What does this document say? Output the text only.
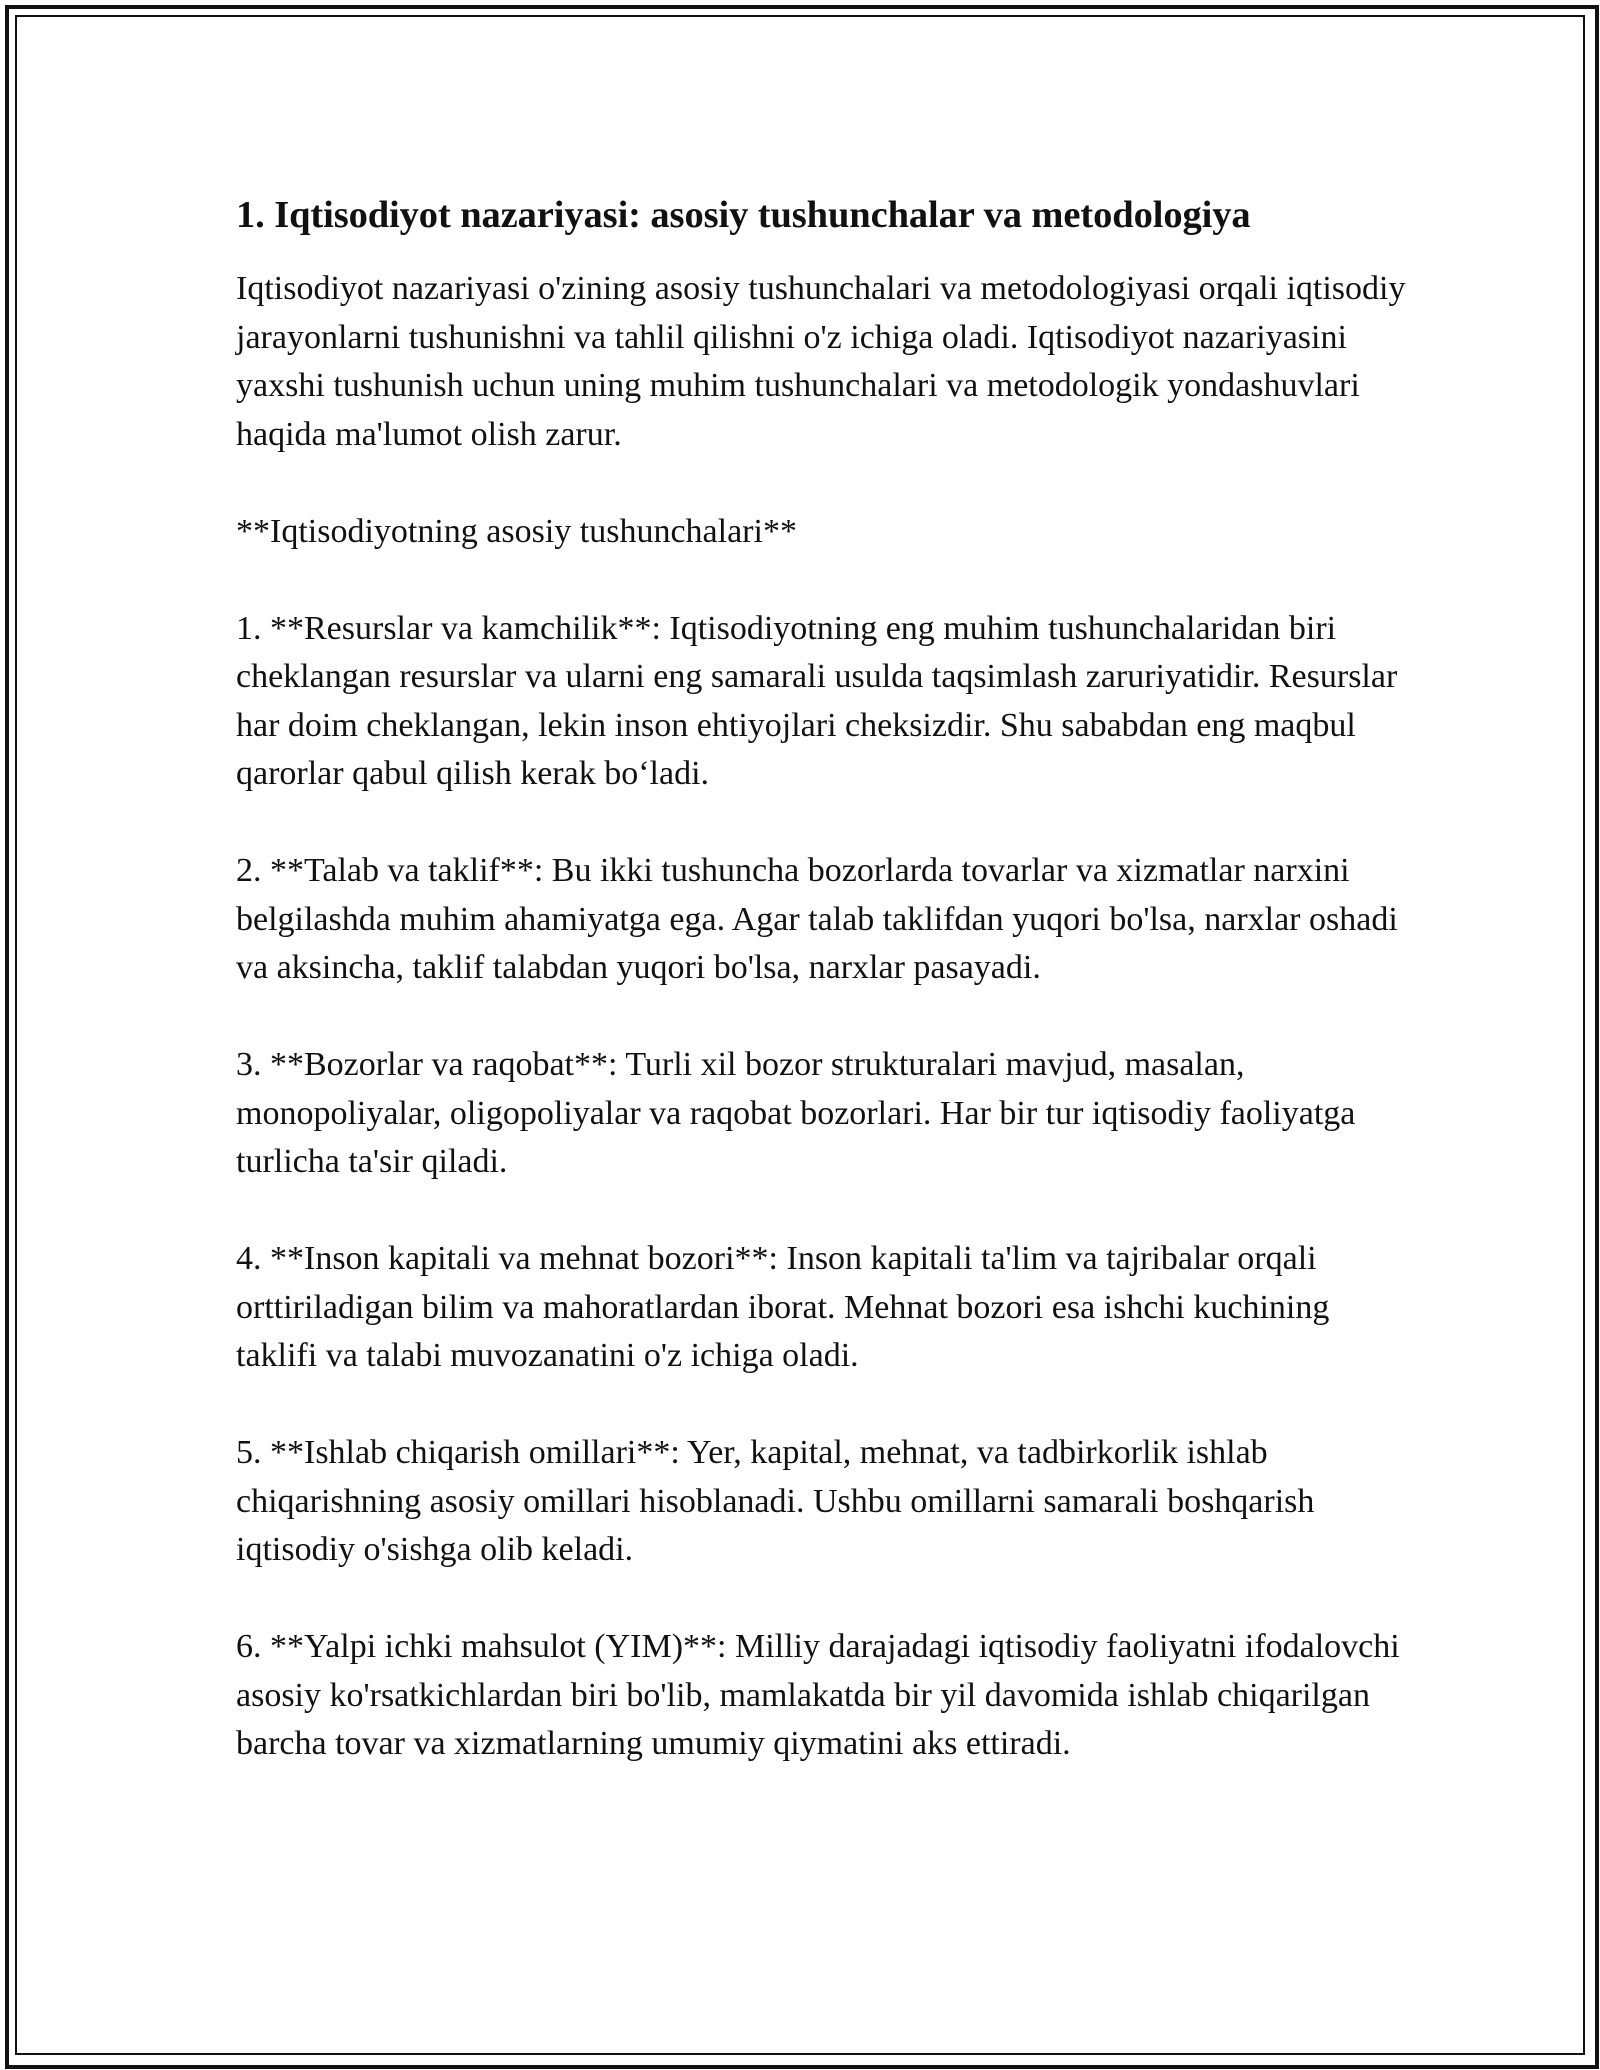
1. Iqtisodiyot nazariyasi: asosiy tushunchalar va metodologiya

Iqtisodiyot nazariyasi o'zining asosiy tushunchalari va metodologiyasi orqali iqtisodiy jarayonlarni tushunishni va tahlil qilishni o'z ichiga oladi. Iqtisodiyot nazariyasini yaxshi tushunish uchun uning muhim tushunchalari va metodologik yondashuvlari haqida ma'lumot olish zarur.

**Iqtisodiyotning asosiy tushunchalari**

1. **Resurslar va kamchilik**: Iqtisodiyotning eng muhim tushunchalaridan biri cheklangan resurslar va ularni eng samarali usulda taqsimlash zaruriyatidir. Resurslar har doim cheklangan, lekin inson ehtiyojlari cheksizdir. Shu sababdan eng maqbul qarorlar qabul qilish kerak boʻladi.

2. **Talab va taklif**: Bu ikki tushuncha bozorlarda tovarlar va xizmatlar narxini belgilashda muhim ahamiyatga ega. Agar talab taklifdan yuqori bo'lsa, narxlar oshadi va aksincha, taklif talabdan yuqori bo'lsa, narxlar pasayadi.

3. **Bozorlar va raqobat**: Turli xil bozor strukturalari mavjud, masalan, monopoliyalar, oligopoliyalar va raqobat bozorlari. Har bir tur iqtisodiy faoliyatga turlicha ta'sir qiladi.

4. **Inson kapitali va mehnat bozori**: Inson kapitali ta'lim va tajribalar orqali orttiriladigan bilim va mahoratlardan iborat. Mehnat bozori esa ishchi kuchining taklifi va talabi muvozanatini o'z ichiga oladi.

5. **Ishlab chiqarish omillari**: Yer, kapital, mehnat, va tadbirkorlik ishlab chiqarishning asosiy omillari hisoblanadi. Ushbu omillarni samarali boshqarish iqtisodiy o'sishga olib keladi.

6. **Yalpi ichki mahsulot (YIM)**: Milliy darajadagi iqtisodiy faoliyatni ifodalovchi asosiy ko'rsatkichlardan biri bo'lib, mamlakatda bir yil davomida ishlab chiqarilgan barcha tovar va xizmatlarning umumiy qiymatini aks ettiradi.
